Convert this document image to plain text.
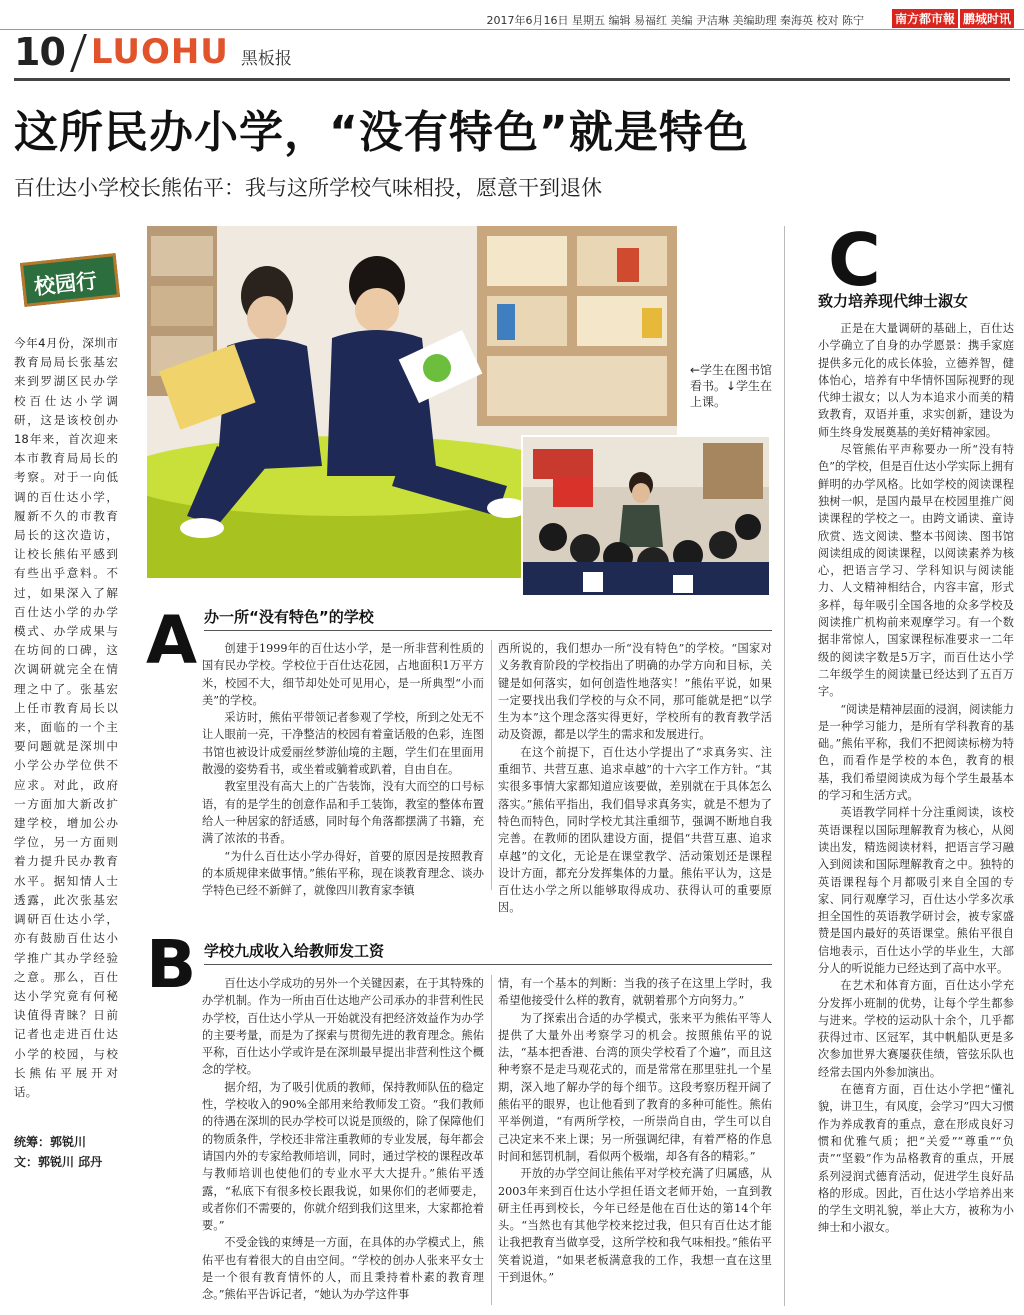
2017年6月16日 星期五 编辑 易福红 美编 尹洁琳 美编助理 秦海英 校对 陈宁	南方都市報 鹏城时讯
10 LUOHU 黑板报
这所民办小学，“没有特色”就是特色
百仕达小学校长熊佑平：我与这所学校气味相投，愿意干到退休
校园行

今年4月份，深圳市教育局局长张基宏来到罗湖区民办学校百仕达小学调研，这是该校创办18年来，首次迎来本市教育局局长的考察。对于一向低调的百仕达小学，履新不久的市教育局长的这次造访，让校长熊佑平感到有些出乎意料。不过，如果深入了解百仕达小学的办学模式、办学成果与在坊间的口碑，这次调研就完全在情理之中了。张基宏上任市教育局长以来，面临的一个主要问题就是深圳中小学公办学位供不应求。对此，政府一方面加大新改扩建学校，增加公办学位，另一方面则着力提升民办教育水平。据知情人士透露，此次张基宏调研百仕达小学，亦有鼓励百仕达小学推广其办学经验之意。那么，百仕达小学究竟有何秘诀值得青睐？日前记者也走进百仕达小学的校园，与校长熊佑平展开对话。

统筹：郭锐川
文：郭锐川 邱丹
←学生在图书馆看书。↓学生在上课。
A 办一所“没有特色”的学校

创建于1999年的百仕达小学，是一所非营利性质的国有民办学校。学校位于百仕达花园，占地面积1万平方米，校园不大，细节却处处可见用心，是一所典型“小而美”的学校。

采访时，熊佑平带领记者参观了学校，所到之处无不让人眼前一亮，干净整洁的校园有着童话般的色彩，连图书馆也被设计成爱丽丝梦游仙境的主题，学生们在里面用散漫的姿势看书，或坐着或躺着或趴着，自由自在。

教室里没有高大上的广告装饰，没有大而空的口号标语，有的是学生的创意作品和手工装饰，教室的整体布置给人一种居家的舒适感，同时每个角落都摆满了书籍，充满了浓浓的书香。

“为什么百仕达小学办得好，首要的原因是按照教育的本质规律来做事情。”熊佑平称，现在谈教育理念、谈办学特色已经不新鲜了，就像四川教育家李镇

西所说的，我们想办一所“没有特色”的学校。“国家对义务教育阶段的学校指出了明确的办学方向和目标，关键是如何落实，如何创造性地落实！”熊佑平说，如果一定要找出我们学校的与众不同，那可能就是把“以学生为本”这个理念落实得更好，学校所有的教育教学活动及资源，都是以学生的需求和发展进行。

在这个前提下，百仕达小学提出了“求真务实、注重细节、共营互惠、追求卓越”的十六字工作方针。“其实很多事情大家都知道应该要做，差别就在于具体怎么落实。”熊佑平指出，我们倡导求真务实，就是不想为了特色而特色，同时学校尤其注重细节，强调不断地自我完善。在教师的团队建设方面，提倡“共营互惠、追求卓越”的文化，无论是在课堂教学、活动策划还是课程设计方面，都充分发挥集体的力量。熊佑平认为，这是百仕达小学之所以能够取得成功、获得认可的重要原因。

B 学校九成收入给教师发工资

百仕达小学成功的另外一个关键因素，在于其特殊的办学机制。作为一所由百仕达地产公司承办的非营利性民办学校，百仕达小学从一开始就没有把经济效益作为办学的主要考量，而是为了探索与贯彻先进的教育理念。熊佑平称，百仕达小学或许是在深圳最早提出非营利性这个概念的学校。

据介绍，为了吸引优质的教师，保持教师队伍的稳定性，学校收入的90%全部用来给教师发工资。“我们教师的待遇在深圳的民办学校可以说是顶级的，除了保障他们的物质条件，学校还非常注重教师的专业发展，每年都会请国内外的专家给教师培训，同时，通过学校的课程改革与教师培训也使他们的专业水平大大提升。”熊佑平透露，“私底下有很多校长跟我说，如果你们的老师要走，或者你们不需要的，你就介绍到我们这里来，大家都抢着要。”

不受金钱的束缚是一方面，在具体的办学模式上，熊佑平也有着很大的自由空间。“学校的创办人张来平女士是一个很有教育情怀的人，而且秉持着朴素的教育理念。”熊佑平告诉记者，“她认为办学这件事

情，有一个基本的判断：当我的孩子在这里上学时，我希望他接受什么样的教育，就朝着那个方向努力。”

为了探索出合适的办学模式，张来平为熊佑平等人提供了大量外出考察学习的机会。按照熊佑平的说法，“基本把香港、台湾的顶尖学校看了个遍”，而且这种考察不是走马观花式的，而是常常在那里驻扎一个星期，深入地了解办学的每个细节。这段考察历程开阔了熊佑平的眼界，也让他看到了教育的多种可能性。熊佑平举例道，“有两所学校，一所崇尚自由，学生可以自己决定来不来上课；另一所强调纪律，有着严格的作息时间和惩罚机制，看似两个极端，却各有各的精彩。”

开放的办学空间让熊佑平对学校充满了归属感，从2003年来到百仕达小学担任语文老师开始，一直到教研主任再到校长，今年已经是他在百仕达的第14个年头。“当然也有其他学校来挖过我，但只有百仕达才能让我把教育当做享受，这所学校和我气味相投。”熊佑平笑着说道，“如果老板满意我的工作，我想一直在这里干到退休。”

C
致力培养现代绅士淑女

正是在大量调研的基础上，百仕达小学确立了自身的办学愿景：携手家庭提供多元化的成长体验，立德养智，健体怡心，培养有中华情怀国际视野的现代绅士淑女；以人为本追求小而美的精致教育，双语并重，求实创新，建设为师生终身发展奠基的美好精神家园。

尽管熊佑平声称要办一所“没有特色”的学校，但是百仕达小学实际上拥有鲜明的办学风格。比如学校的阅读课程独树一帜，是国内最早在校园里推广阅读课程的学校之一。由跨文诵读、童诗欣赏、选文阅读、整本书阅读、图书馆阅读组成的阅读课程，以阅读素养为核心，把语言学习、学科知识与阅读能力、人文精神相结合，内容丰富，形式多样，每年吸引全国各地的众多学校及阅读推广机构前来观摩学习。有一个数据非常惊人，国家课程标准要求一二年级的阅读字数是5万字，而百仕达小学二年级学生的阅读量已经达到了五百万字。

“阅读是精神层面的浸润，阅读能力是一种学习能力，是所有学科教育的基础。”熊佑平称，我们不把阅读标榜为特色，而看作是学校的本色，教育的根基，我们希望阅读成为每个学生最基本的学习和生活方式。

英语教学同样十分注重阅读，该校英语课程以国际理解教育为核心，从阅读出发，精选阅读材料，把语言学习融入到阅读和国际理解教育之中。独特的英语课程每个月都吸引来自全国的专家、同行观摩学习，百仕达小学多次承担全国性的英语教学研讨会，被专家盛赞是国内最好的英语课堂。熊佑平很自信地表示，百仕达小学的毕业生，大部分人的听说能力已经达到了高中水平。

在艺术和体育方面，百仕达小学充分发挥小班制的优势，让每个学生都参与进来。学校的运动队十余个，几乎都获得过市、区冠军，其中帆船队更是多次参加世界大赛屡获佳绩，管弦乐队也经常去国内外参加演出。

在德育方面，百仕达小学把“懂礼貌，讲卫生，有风度，会学习”四大习惯作为养成教育的重点，意在形成良好习惯和优雅气质；把“关爱”“尊重”“负责”“坚毅”作为品格教育的重点，开展系列浸润式德育活动，促进学生良好品格的形成。因此，百仕达小学培养出来的学生文明礼貌，举止大方，被称为小绅士和小淑女。
